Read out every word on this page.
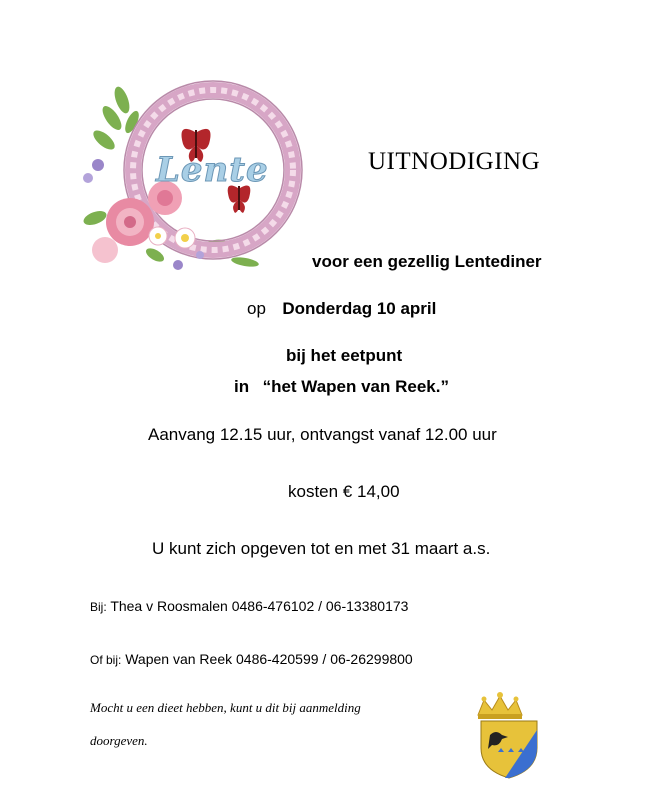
Lente	UITNODIGING
voor een gezellig Lentediner
op Donderdag 10 april
bij het eetpunt
in “het Wapen van Reek.”
Aanvang 12.15 uur, ontvangst vanaf 12.00 uur
kosten € 14,00
U kunt zich opgeven tot en met 31 maart a.s.
Bij: Thea v Roosmalen 0486-476102 / 06-13380173
Of bij: Wapen van Reek 0486-420599 / 06-26299800
Mocht u een dieet hebben, kunt u dit bij aanmelding
doorgeven.
